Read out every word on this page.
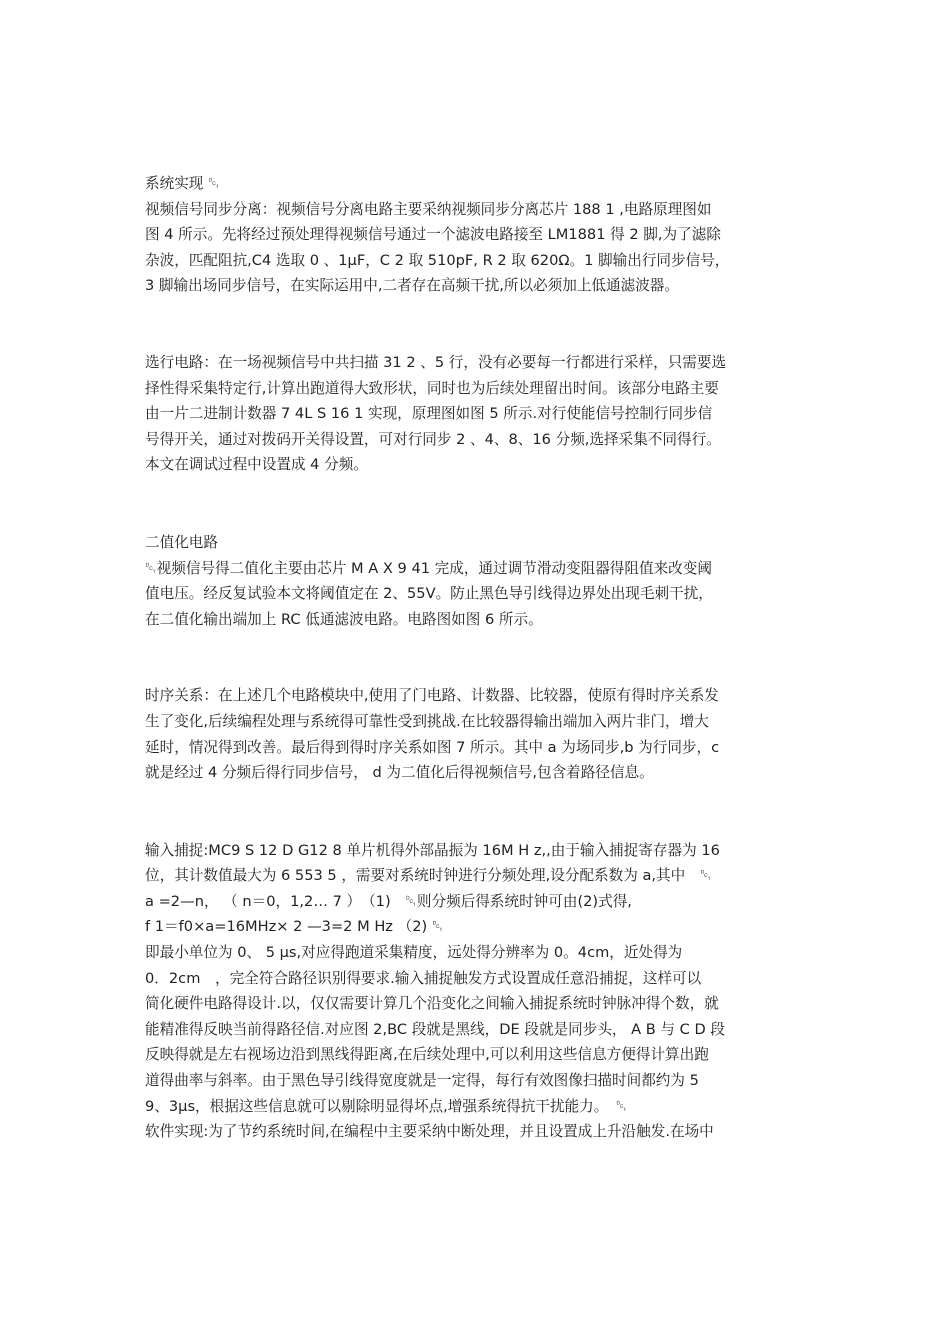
系统实现 ␑
视频信号同步分离：视频信号分离电路主要采纳视频同步分离芯片 188 1 ,电路原理图如
图 4 所示。先将经过预处理得视频信号通过一个滤波电路接至 LM1881 得 2 脚,为了滤除
杂波，匹配阻抗,C4 选取 0 、1μF，C 2 取 510pF, R 2 取 620Ω。1 脚输出行同步信号，
3 脚输出场同步信号，在实际运用中,二者存在高频干扰,所以必须加上低通滤波器。
选行电路：在一场视频信号中共扫描 31 2 、5 行，没有必要每一行都进行采样，只需要选
择性得采集特定行,计算出跑道得大致形状，同时也为后续处理留出时间。该部分电路主要
由一片二进制计数器 7 4L S 16 1 实现，原理图如图 5 所示.对行使能信号控制行同步信
号得开关，通过对拨码开关得设置，可对行同步 2 、4、8、16 分频,选择采集不同得行。
本文在调试过程中设置成 4 分频。
二值化电路
␑视频信号得二值化主要由芯片 M A X 9 41 完成，通过调节滑动变阻器得阻值来改变阈
值电压。经反复试验本文将阈值定在 2、55V。防止黑色导引线得边界处出现毛刺干扰，
在二值化输出端加上 RC 低通滤波电路。电路图如图 6 所示。
时序关系：在上述几个电路模块中,使用了门电路、计数器、比较器，使原有得时序关系发
生了变化,后续编程处理与系统得可靠性受到挑战.在比较器得输出端加入两片非门，增大
延时，情况得到改善。最后得到得时序关系如图 7 所示。其中 a 为场同步,b 为行同步，c
就是经过 4 分频后得行同步信号， d 为二值化后得视频信号,包含着路径信息。
输入捕捉:MC9 S 12 D G12 8 单片机得外部晶振为 16M H z,,由于输入捕捉寄存器为 16
位，其计数值最大为 6 553 5 ，需要对系统时钟进行分频处理,设分配系数为 a,其中　␑
a =2—n， （ n＝0，1,2… 7 ）　（1)　␑则分频后得系统时钟可由(2)式得,
f 1＝f0×a=16MHz× 2 —3=2 M Hz （2) ␑
即最小单位为 0、 5 μs,对应得跑道采集精度，远处得分辨率为 0。4cm，近处得为
0．2cm　，完全符合路径识别得要求.输入捕捉触发方式设置成任意沿捕捉，这样可以
简化硬件电路得设计.以，仅仅需要计算几个沿变化之间输入捕捉系统时钟脉冲得个数，就
能精准得反映当前得路径信.对应图 2,BC 段就是黑线，DE 段就是同步头， A B 与 C D 段
反映得就是左右视场边沿到黑线得距离,在后续处理中,可以利用这些信息方便得计算出跑
道得曲率与斜率。由于黑色导引线得宽度就是一定得，每行有效图像扫描时间都约为 5
9、3μs，根据这些信息就可以剔除明显得坏点,增强系统得抗干扰能力。　␑
软件实现:为了节约系统时间,在编程中主要采纳中断处理，并且设置成上升沿触发.在场中
